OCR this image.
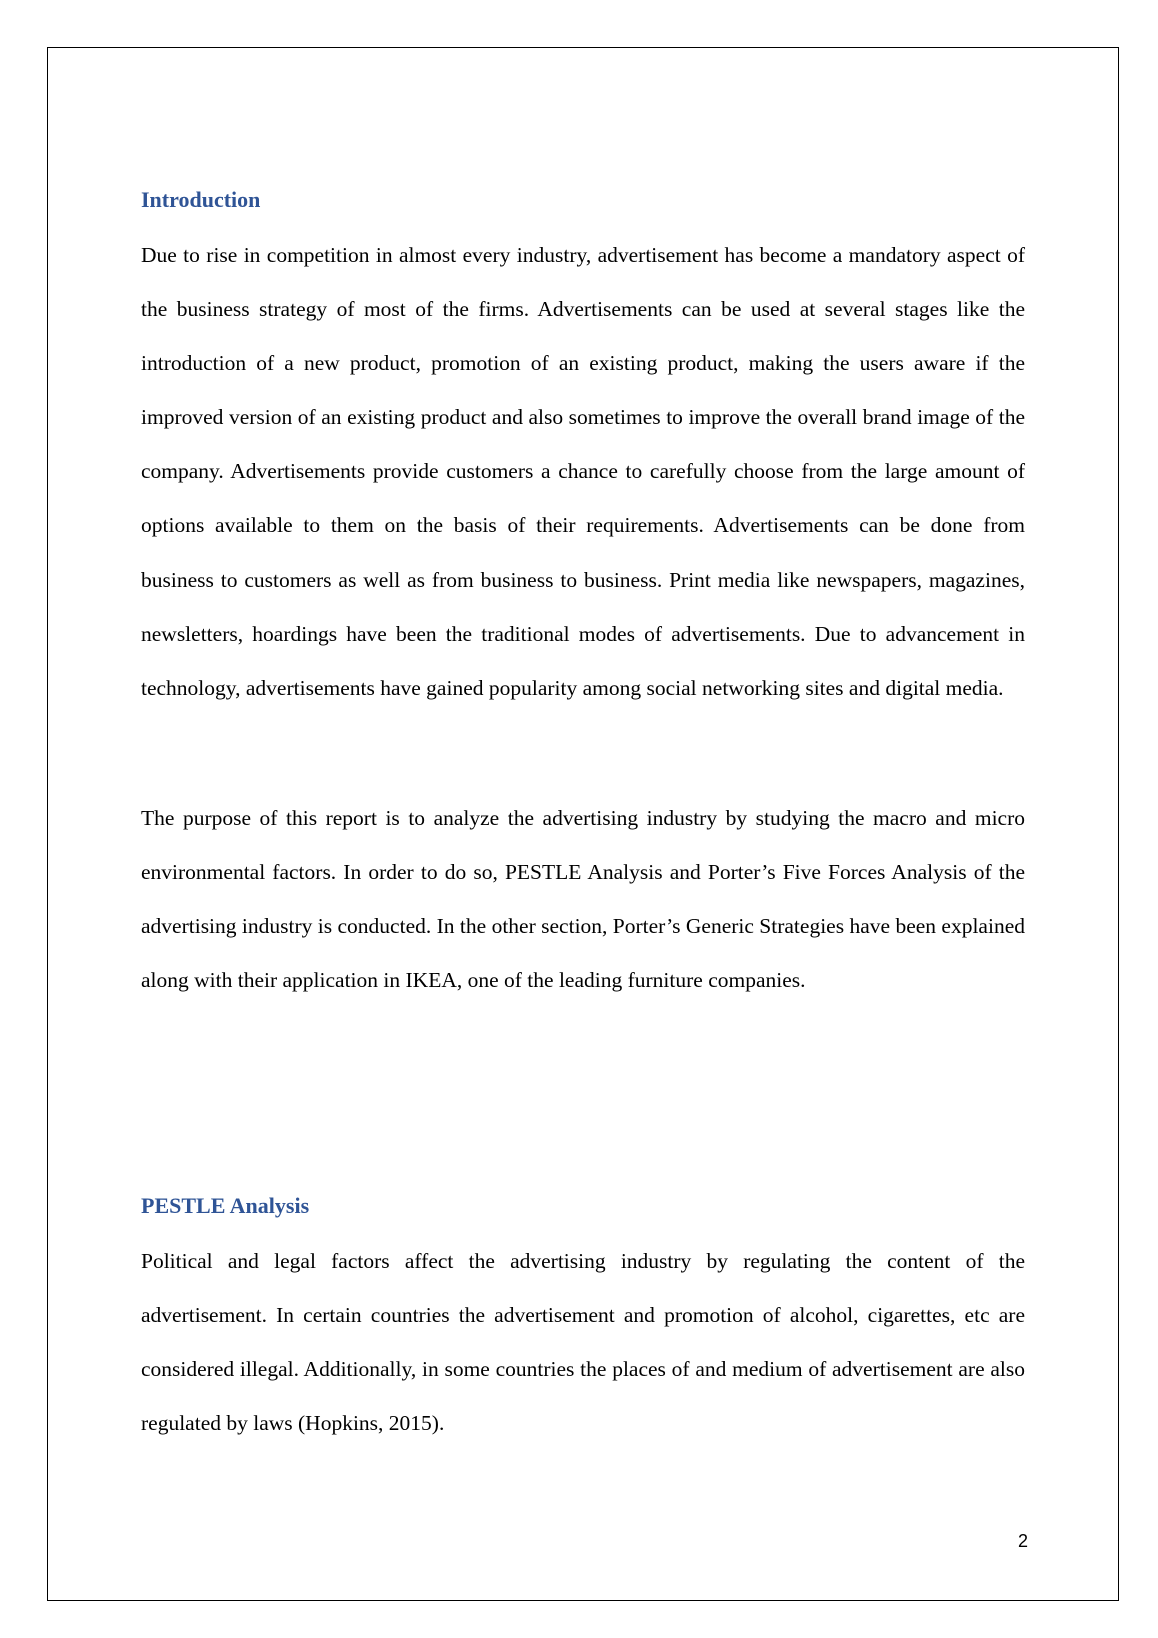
Introduction

Due to rise in competition in almost every industry, advertisement has become a mandatory aspect of the business strategy of most of the firms. Advertisements can be used at several stages like the introduction of a new product, promotion of an existing product, making the users aware if the improved version of an existing product and also sometimes to improve the overall brand image of the company. Advertisements provide customers a chance to carefully choose from the large amount of options available to them on the basis of their requirements. Advertisements can be done from business to customers as well as from business to business. Print media like newspapers, magazines, newsletters, hoardings have been the traditional modes of advertisements. Due to advancement in technology, advertisements have gained popularity among social networking sites and digital media.

The purpose of this report is to analyze the advertising industry by studying the macro and micro environmental factors. In order to do so, PESTLE Analysis and Porter’s Five Forces Analysis of the advertising industry is conducted. In the other section, Porter’s Generic Strategies have been explained along with their application in IKEA, one of the leading furniture companies.

PESTLE Analysis

Political and legal factors affect the advertising industry by regulating the content of the advertisement. In certain countries the advertisement and promotion of alcohol, cigarettes, etc are considered illegal. Additionally, in some countries the places of and medium of advertisement are also regulated by laws (Hopkins, 2015).

2
